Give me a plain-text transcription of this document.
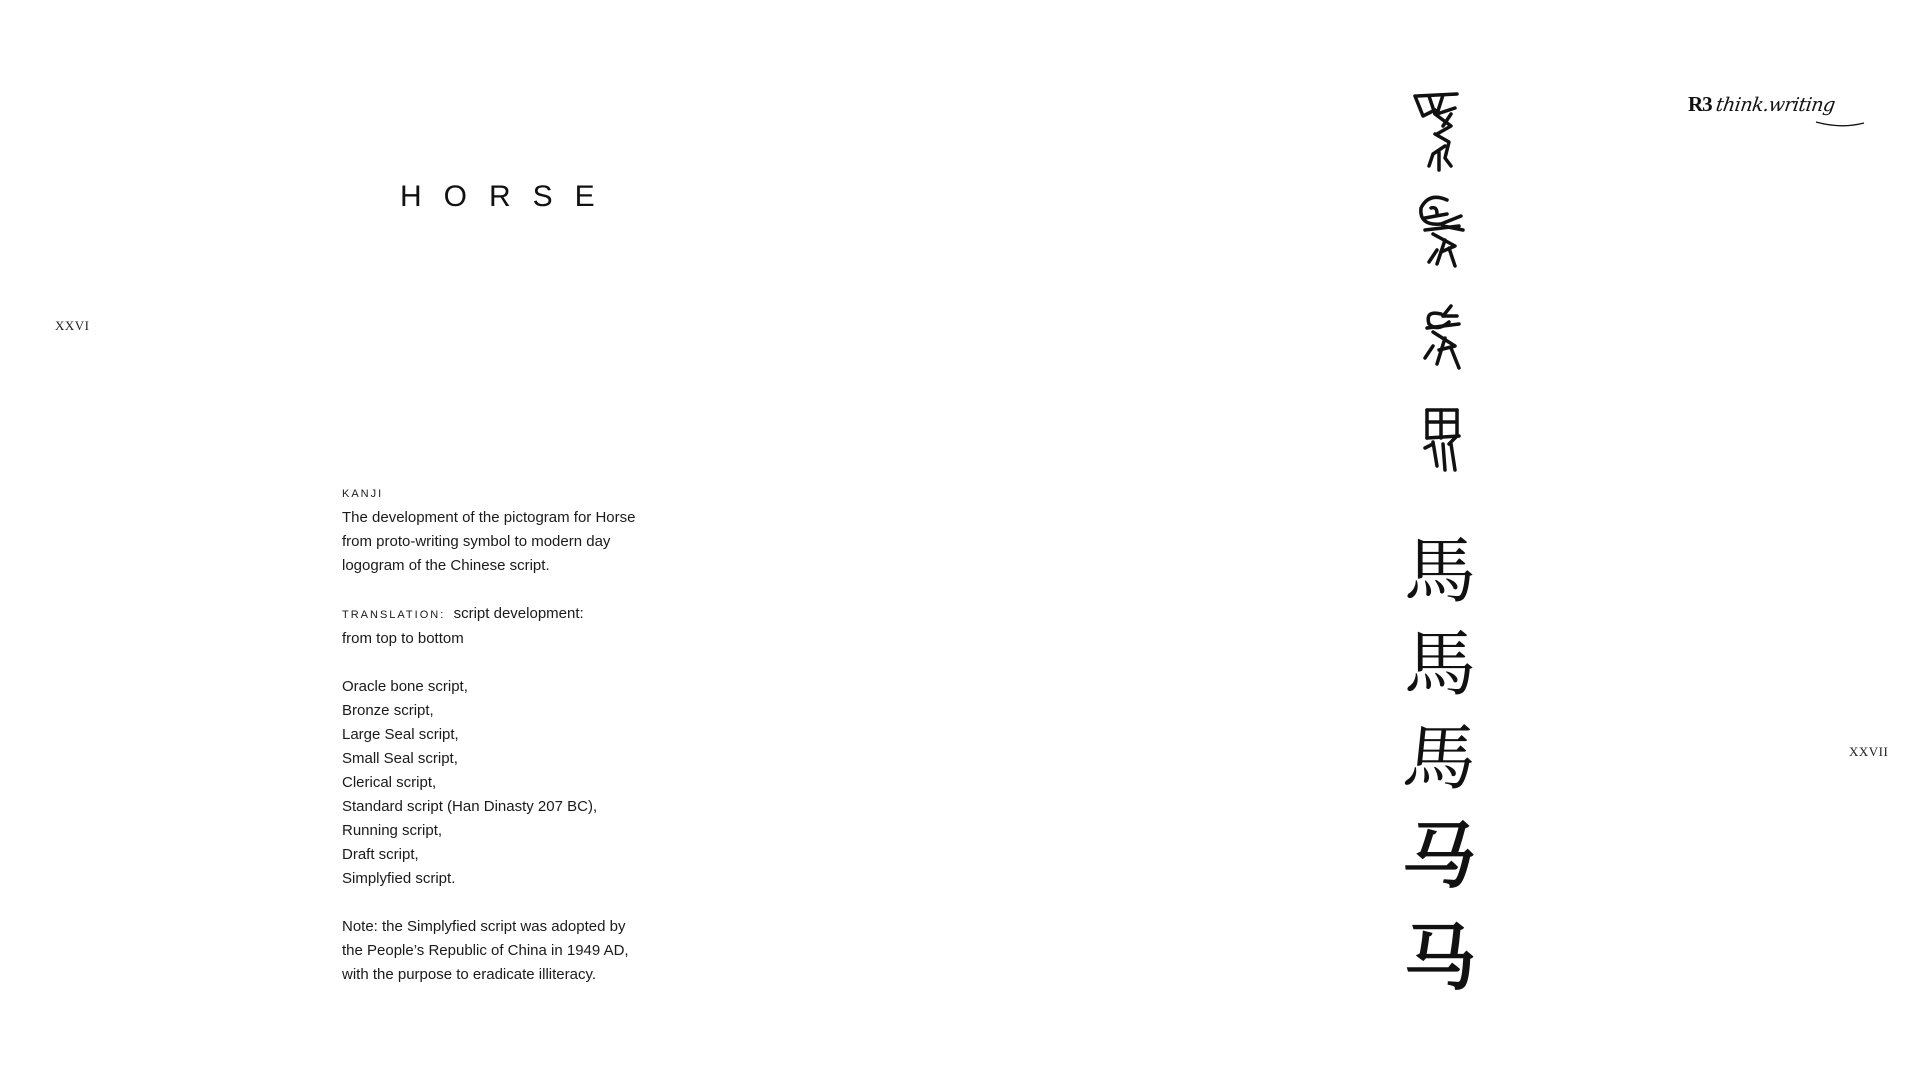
XXVI
XXVII
HORSE
R3 think.writing
KANJI
The development of the pictogram for Horse
from proto-writing symbol to modern day
logogram of the Chinese script.
TRANSLATION: script development:
from top to bottom
Oracle bone script,
Bronze script,
Large Seal script,
Small Seal script,
Clerical script,
Standard script (Han Dinasty 207 BC),
Running script,
Draft script,
Simplyfied script.
Note: the Simplyfied script was adopted by
the People’s Republic of China in 1949 AD,
with the purpose to eradicate illiteracy.
馬
馬
馬
马
马
